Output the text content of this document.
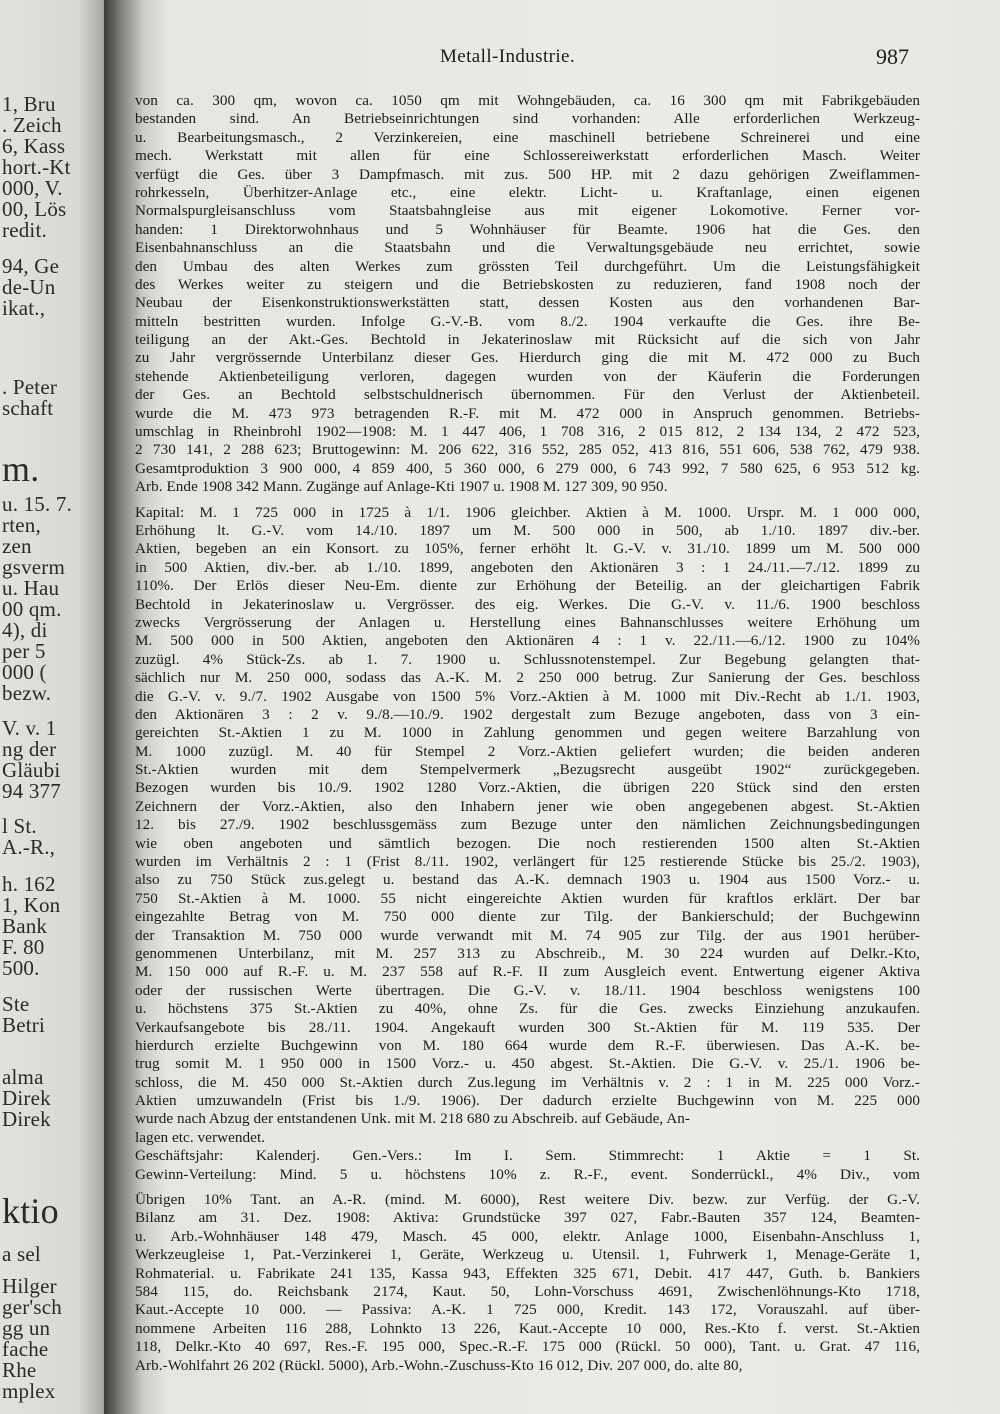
1, Bru
. Zeich
6, Kass
hort.-Kt
000, V.
00, Lös
redit.
94, Ge
de-Un
ikat.,
. Peter
schaft
m.
u. 15. 7.
rten,
zen
gsverm
u. Hau
00 qm.
4), di
per 5
000 (
bezw.
V. v. 1
ng der
Gläubi
94 377
l St.
A.-R.,
h. 162
1, Kon
Bank
F. 80
500.
Ste
Betri
alma
Direk
Direk
ktio
a sel
Hilger
ger'sch
gg un
fache
Rhe
mplex
Metall-Industrie.	987
von ca. 300 qm, wovon ca. 1050 qm mit Wohngebäuden, ca. 16 300 qm mit Fabrikgebäuden
bestanden sind. An Betriebseinrichtungen sind vorhanden: Alle erforderlichen Werkzeug-
u. Bearbeitungsmasch., 2 Verzinkereien, eine maschinell betriebene Schreinerei und eine
mech. Werkstatt mit allen für eine Schlossereiwerkstatt erforderlichen Masch. Weiter
verfügt die Ges. über 3 Dampfmasch. mit zus. 500 HP. mit 2 dazu gehörigen Zweiflammen-
rohrkesseln, Überhitzer-Anlage etc., eine elektr. Licht- u. Kraftanlage, einen eigenen
Normalspurgleisanschluss vom Staatsbahngleise aus mit eigener Lokomotive. Ferner vor-
handen: 1 Direktorwohnhaus und 5 Wohnhäuser für Beamte. 1906 hat die Ges. den
Eisenbahnanschluss an die Staatsbahn und die Verwaltungsgebäude neu errichtet, sowie
den Umbau des alten Werkes zum grössten Teil durchgeführt. Um die Leistungsfähigkeit
des Werkes weiter zu steigern und die Betriebskosten zu reduzieren, fand 1908 noch der
Neubau der Eisenkonstruktionswerkstätten statt, dessen Kosten aus den vorhandenen Bar-
mitteln bestritten wurden. Infolge G.-V.-B. vom 8./2. 1904 verkaufte die Ges. ihre Be-
teiligung an der Akt.-Ges. Bechtold in Jekaterinoslaw mit Rücksicht auf die sich von Jahr
zu Jahr vergrössernde Unterbilanz dieser Ges. Hierdurch ging die mit M. 472 000 zu Buch
stehende Aktienbeteiligung verloren, dagegen wurden von der Käuferin die Forderungen
der Ges. an Bechtold selbstschuldnerisch übernommen. Für den Verlust der Aktienbeteil.
wurde die M. 473 973 betragenden R.-F. mit M. 472 000 in Anspruch genommen. Betriebs-
umschlag in Rheinbrohl 1902—1908: M. 1 447 406, 1 708 316, 2 015 812, 2 134 134, 2 472 523,
2 730 141, 2 288 623; Bruttogewinn: M. 206 622, 316 552, 285 052, 413 816, 551 606, 538 762, 479 938.
Gesamtproduktion 3 900 000, 4 859 400, 5 360 000, 6 279 000, 6 743 992, 7 580 625, 6 953 512 kg.
Arb. Ende 1908 342 Mann. Zugänge auf Anlage-Kti 1907 u. 1908 M. 127 309, 90 950.
Kapital: M. 1 725 000 in 1725 à 1/1. 1906 gleichber. Aktien à M. 1000. Urspr. M. 1 000 000,
Erhöhung lt. G.-V. vom 14./10. 1897 um M. 500 000 in 500, ab 1./10. 1897 div.-ber.
Aktien, begeben an ein Konsort. zu 105%, ferner erhöht lt. G.-V. v. 31./10. 1899 um M. 500 000
in 500 Aktien, div.-ber. ab 1./10. 1899, angeboten den Aktionären 3 : 1 24./11.—7./12. 1899 zu
110%. Der Erlös dieser Neu-Em. diente zur Erhöhung der Beteilig. an der gleichartigen Fabrik
Bechtold in Jekaterinoslaw u. Vergrösser. des eig. Werkes. Die G.-V. v. 11./6. 1900 beschloss
zwecks Vergrösserung der Anlagen u. Herstellung eines Bahnanschlusses weitere Erhöhung um
M. 500 000 in 500 Aktien, angeboten den Aktionären 4 : 1 v. 22./11.—6./12. 1900 zu 104%
zuzügl. 4% Stück-Zs. ab 1. 7. 1900 u. Schlussnotenstempel. Zur Begebung gelangten that-
sächlich nur M. 250 000, sodass das A.-K. M. 2 250 000 betrug. Zur Sanierung der Ges. beschloss
die G.-V. v. 9./7. 1902 Ausgabe von 1500 5% Vorz.-Aktien à M. 1000 mit Div.-Recht ab 1./1. 1903,
den Aktionären 3 : 2 v. 9./8.—10./9. 1902 dergestalt zum Bezuge angeboten, dass von 3 ein-
gereichten St.-Aktien 1 zu M. 1000 in Zahlung genommen und gegen weitere Barzahlung von
M. 1000 zuzügl. M. 40 für Stempel 2 Vorz.-Aktien geliefert wurden; die beiden anderen
St.-Aktien wurden mit dem Stempelvermerk „Bezugsrecht ausgeübt 1902“ zurückgegeben.
Bezogen wurden bis 10./9. 1902 1280 Vorz.-Aktien, die übrigen 220 Stück sind den ersten
Zeichnern der Vorz.-Aktien, also den Inhabern jener wie oben angegebenen abgest. St.-Aktien
12. bis 27./9. 1902 beschlussgemäss zum Bezuge unter den nämlichen Zeichnungsbedingungen
wie oben angeboten und sämtlich bezogen. Die noch restierenden 1500 alten St.-Aktien
wurden im Verhältnis 2 : 1 (Frist 8./11. 1902, verlängert für 125 restierende Stücke bis 25./2. 1903),
also zu 750 Stück zus.gelegt u. bestand das A.-K. demnach 1903 u. 1904 aus 1500 Vorz.- u.
750 St.-Aktien à M. 1000. 55 nicht eingereichte Aktien wurden für kraftlos erklärt. Der bar
eingezahlte Betrag von M. 750 000 diente zur Tilg. der Bankierschuld; der Buchgewinn
der Transaktion M. 750 000 wurde verwandt mit M. 74 905 zur Tilg. der aus 1901 herüber-
genommenen Unterbilanz, mit M. 257 313 zu Abschreib., M. 30 224 wurden auf Delkr.-Kto,
M. 150 000 auf R.-F. u. M. 237 558 auf R.-F. II zum Ausgleich event. Entwertung eigener Aktiva
oder der russischen Werte übertragen. Die G.-V. v. 18./11. 1904 beschloss wenigstens 100
u. höchstens 375 St.-Aktien zu 40%, ohne Zs. für die Ges. zwecks Einziehung anzukaufen.
Verkaufsangebote bis 28./11. 1904. Angekauft wurden 300 St.-Aktien für M. 119 535. Der
hierdurch erzielte Buchgewinn von M. 180 664 wurde dem R.-F. überwiesen. Das A.-K. be-
trug somit M. 1 950 000 in 1500 Vorz.- u. 450 abgest. St.-Aktien. Die G.-V. v. 25./1. 1906 be-
schloss, die M. 450 000 St.-Aktien durch Zus.legung im Verhältnis v. 2 : 1 in M. 225 000 Vorz.-
Aktien umzuwandeln (Frist bis 1./9. 1906). Der dadurch erzielte Buchgewinn von M. 225 000
wurde nach Abzug der entstandenen Unk. mit M. 218 680 zu Abschreib. auf Gebäude, An-
lagen etc. verwendet.
Geschäftsjahr: Kalenderj. Gen.-Vers.: Im I. Sem. Stimmrecht: 1 Aktie = 1 St.
Gewinn-Verteilung: Mind. 5 u. höchstens 10% z. R.-F., event. Sonderrückl., 4% Div., vom
Übrigen 10% Tant. an A.-R. (mind. M. 6000), Rest weitere Div. bezw. zur Verfüg. der G.-V.
Bilanz am 31. Dez. 1908: Aktiva: Grundstücke 397 027, Fabr.-Bauten 357 124, Beamten-
u. Arb.-Wohnhäuser 148 479, Masch. 45 000, elektr. Anlage 1000, Eisenbahn-Anschluss 1,
Werkzeugleise 1, Pat.-Verzinkerei 1, Geräte, Werkzeug u. Utensil. 1, Fuhrwerk 1, Menage-Geräte 1,
Rohmaterial. u. Fabrikate 241 135, Kassa 943, Effekten 325 671, Debit. 417 447, Guth. b. Bankiers
584 115, do. Reichsbank 2174, Kaut. 50, Lohn-Vorschuss 4691, Zwischenlöhnungs-Kto 1718,
Kaut.-Accepte 10 000. — Passiva: A.-K. 1 725 000, Kredit. 143 172, Vorauszahl. auf über-
nommene Arbeiten 116 288, Lohnkto 13 226, Kaut.-Accepte 10 000, Res.-Kto f. verst. St.-Aktien
118, Delkr.-Kto 40 697, Res.-F. 195 000, Spec.-R.-F. 175 000 (Rückl. 50 000), Tant. u. Grat. 47 116,
Arb.-Wohlfahrt 26 202 (Rückl. 5000), Arb.-Wohn.-Zuschuss-Kto 16 012, Div. 207 000, do. alte 80,
